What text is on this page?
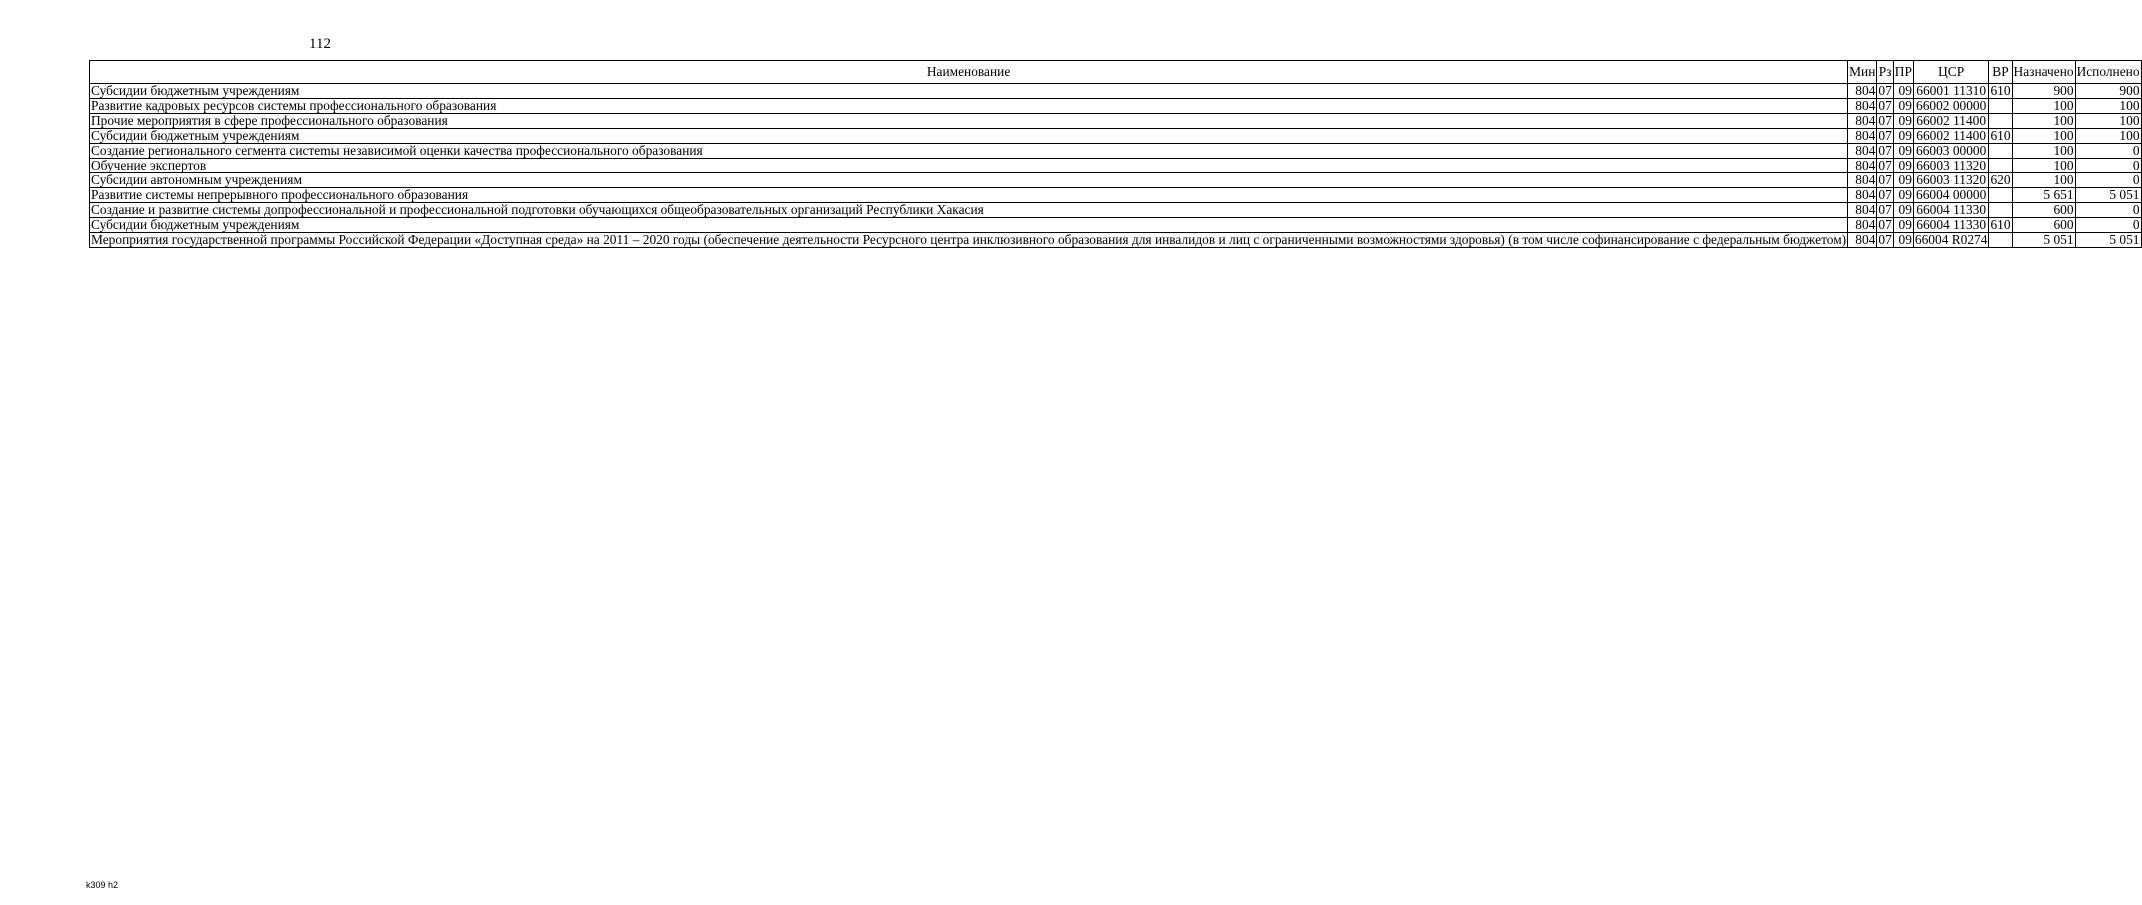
112
Наименование	Мин	Рз	ПР	ЦСР	ВР	Назначено	Исполнено
Субсидии бюджетным учреждениям	804	07	09	66001 11310	610	900	900
Развитие кадровых ресурсов системы профессионального образования	804	07	09	66002 00000		100	100
Прочие мероприятия в сфере профессионального образования	804	07	09	66002 11400		100	100
Субсидии бюджетным учреждениям	804	07	09	66002 11400	610	100	100
Создание регионального сегмента систеmы независимой оценки качества профессионального образования	804	07	09	66003 00000		100	0
Обучение экспертов	804	07	09	66003 11320		100	0
Субсидии автономным учреждениям	804	07	09	66003 11320	620	100	0
Развитие системы непрерывного профессионального образования	804	07	09	66004 00000		5 651	5 051
Создание и развитие системы допрофессиональной и профессиональной подготовки обучающихся общеобразовательных организаций Республики Хакасия	804	07	09	66004 11330		600	0
Субсидии бюджетным учреждениям	804	07	09	66004 11330	610	600	0
Мероприятия государственной программы Российской Федерации «Доступная среда» на 2011 – 2020 годы (обеспечение деятельности Ресурсного центра инклюзивного образования для инвалидов и лиц с ограниченными возможностями здоровья) (в том числе софинансирование с федеральным бюджетом)	804	07	09	66004 R0274		5 051	5 051
k309 h2
